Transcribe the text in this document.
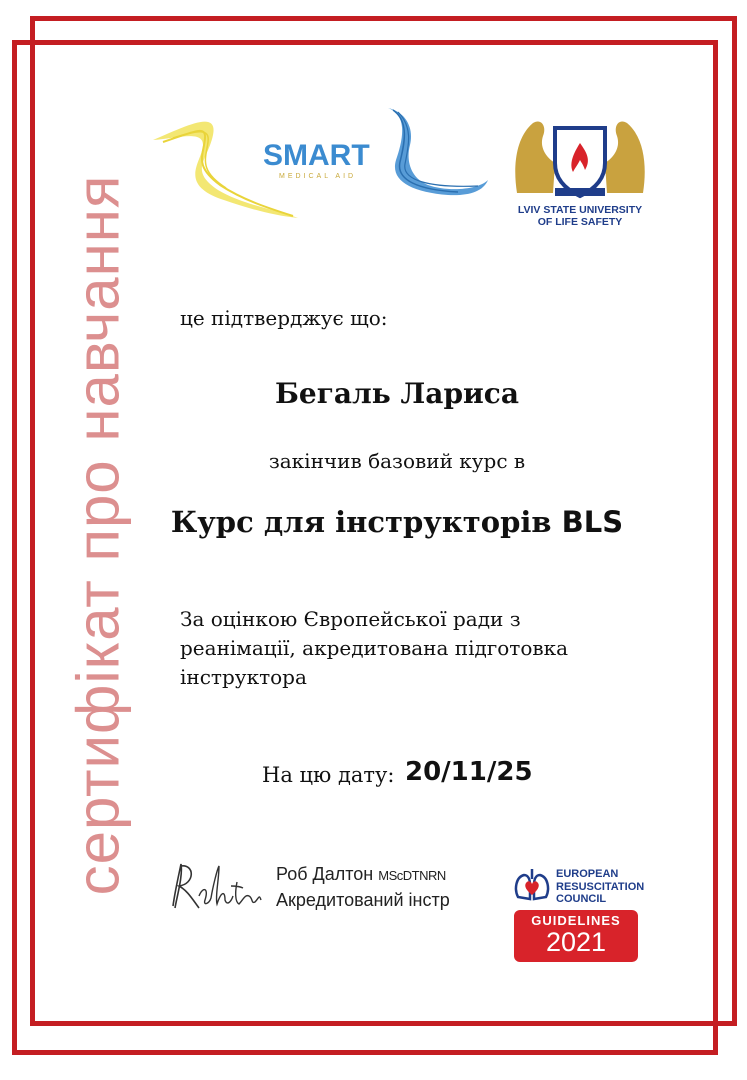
сертифікат про навчання
SMART
MEDICAL AID
LVIV STATE UNIVERSITY
OF LIFE SAFETY
це підтверджує що:
Бегаль Лариса
закінчив базовий курс в
Курс для інструкторів BLS
За оцінкою Європейської ради з
реанімації, акредитована підготовка
інструктора
На цю дату: 20/11/25
Роб Далтон MScDTNRN
Акредитований інстр
EUROPEAN
RESUSCITATION
COUNCIL
GUIDELINES
2021
